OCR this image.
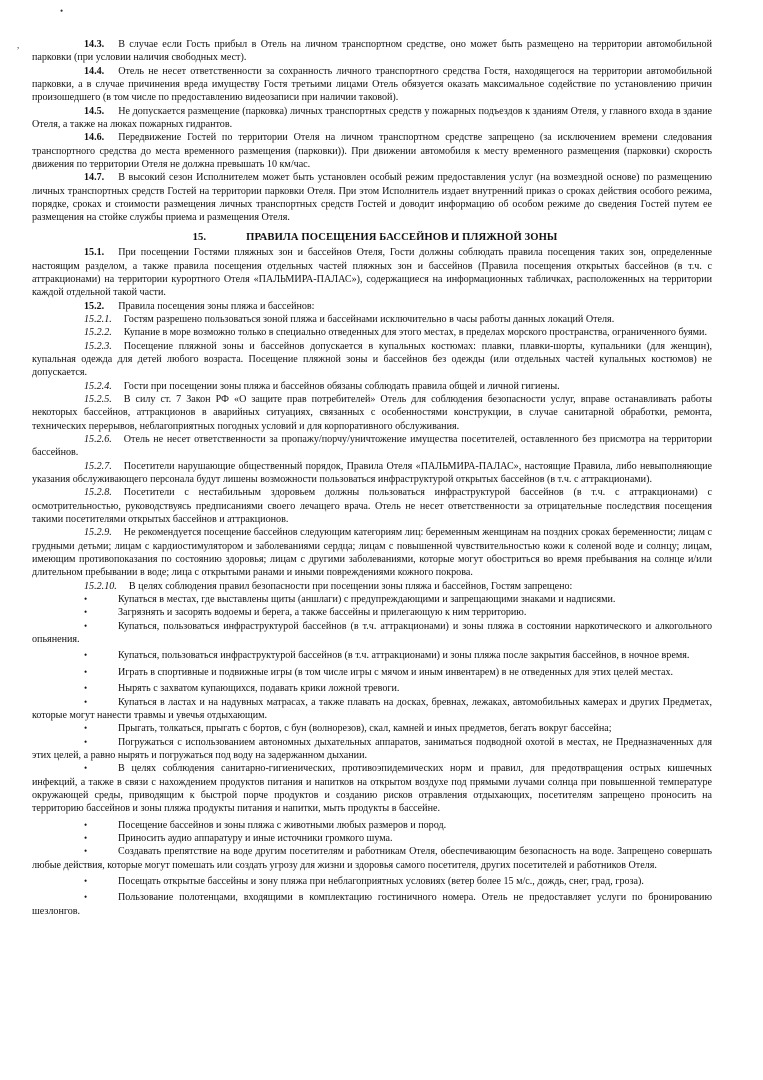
•
,	14.3. В случае если Гость прибыл в Отель на личном транспортном средстве, оно может быть размещено на территории автомобильной парковки (при условии наличия свободных мест).

14.4. Отель не несет ответственности за сохранность личного транспортного средства Гостя, находящегося на территории автомобильной парковки, а в случае причинения вреда имуществу Гостя третьими лицами Отель обязуется оказать максимальное содействие по установлению причин произошедшего (в том числе по предоставлению видеозаписи при наличии таковой).

14.5. Не допускается размещение (парковка) личных транспортных средств у пожарных подъездов к зданиям Отеля, у главного входа в здание Отеля, а также на люках пожарных гидрантов.

14.6. Передвижение Гостей по территории Отеля на личном транспортном средстве запрещено (за исключением времени следования транспортного средства до места временного размещения (парковки)). При движении автомобиля к месту временного размещения (парковки) скорость движения по территории Отеля не должна превышать 10 км/час.

14.7. В высокий сезон Исполнителем может быть установлен особый режим предоставления услуг (на возмездной основе) по размещению личных транспортных средств Гостей на территории парковки Отеля. При этом Исполнитель издает внутренний приказ о сроках действия особого режима, порядке, сроках и стоимости размещения личных транспортных средств Гостей и доводит информацию об особом режиме до сведения Гостей путем ее размещения на стойке службы приема и размещения Отеля.

15.	ПРАВИЛА ПОСЕЩЕНИЯ БАССЕЙНОВ И ПЛЯЖНОЙ ЗОНЫ

15.1. При посещении Гостями пляжных зон и бассейнов Отеля, Гости должны соблюдать правила посещения таких зон, определенные настоящим разделом, а также правила посещения отдельных частей пляжных зон и бассейнов (Правила посещения открытых бассейнов (в т.ч. с аттракционами) на территории курортного Отеля «ПАЛЬМИРА-ПАЛАС»), содержащиеся на информационных табличках, расположенных на территории каждой отдельной такой части.

15.2. Правила посещения зоны пляжа и бассейнов:

15.2.1. Гостям разрешено пользоваться зоной пляжа и бассейнами исключительно в часы работы данных локаций Отеля.

15.2.2. Купание в море возможно только в специально отведенных для этого местах, в пределах морского пространства, ограниченного буями.

15.2.3. Посещение пляжной зоны и бассейнов допускается в купальных костюмах: плавки, плавки-шорты, купальники (для женщин), купальная одежда для детей любого возраста. Посещение пляжной зоны и бассейнов без одежды (или отдельных частей купальных костюмов) не допускается.

15.2.4. Гости при посещении зоны пляжа и бассейнов обязаны соблюдать правила общей и личной гигиены.

15.2.5. В силу ст. 7 Закон РФ «О защите прав потребителей» Отель для соблюдения безопасности услуг, вправе останавливать работы некоторых бассейнов, аттракционов в аварийных ситуациях, связанных с особенностями конструкции, в случае санитарной обработки, ремонта, технических перерывов, неблагоприятных погодных условий и для корпоративного обслуживания.

15.2.6. Отель не несет ответственности за пропажу/порчу/уничтожение имущества посетителей, оставленного без присмотра на территории бассейнов.

15.2.7. Посетители нарушающие общественный порядок, Правила Отеля «ПАЛЬМИРА-ПАЛАС», настоящие Правила, либо невыполняющие указания обслуживающего персонала будут лишены возможности пользоваться инфраструктурой открытых бассейнов (в т.ч. с аттракционами).

15.2.8. Посетители с нестабильным здоровьем должны пользоваться инфраструктурой бассейнов (в т.ч. с аттракционами) с осмотрительностью, руководствуясь предписаниями своего лечащего врача. Отель не несет ответственности за отрицательные последствия посещения такими посетителями открытых бассейнов и аттракционов.

15.2.9. Не рекомендуется посещение бассейнов следующим категориям лиц: беременным женщинам на поздних сроках беременности; лицам с грудными детьми; лицам с кардиостимулятором и заболеваниями сердца; лицам с повышенной чувствительностью кожи к соленой воде и солнцу; лицам, имеющим противопоказания по состоянию здоровья; лицам с другими заболеваниями, которые могут обостриться во время пребывания на солнце и/или длительном пребывании в воде; лица с открытыми ранами и иными повреждениями кожного покрова.

15.2.10. В целях соблюдения правил безопасности при посещении зоны пляжа и бассейнов, Гостям запрещено:

•	Купаться в местах, где выставлены щиты (аншлаги) с предупреждающими и запрещающими знаками и надписями.

•	Загрязнять и засорять водоемы и берега, а также бассейны и прилегающую к ним территорию.

•	Купаться, пользоваться инфраструктурой бассейнов (в т.ч. аттракционами) и зоны пляжа в состоянии наркотического и алкогольного опьянения.

•	Купаться, пользоваться инфраструктурой бассейнов (в т.ч. аттракционами) и зоны пляжа после закрытия бассейнов, в ночное время.

•	Играть в спортивные и подвижные игры (в том числе игры с мячом и иным инвентарем) в не отведенных для этих целей местах.

•	Нырять с захватом купающихся, подавать крики ложной тревоги.

•	Купаться в ластах и на надувных матрасах, а также плавать на досках, бревнах, лежаках, автомобильных камерах и других Предметах, которые могут нанести травмы и увечья отдыхающим.

•	Прыгать, толкаться, прыгать с бортов, с бун (волнорезов), скал, камней и иных предметов, бегать вокруг бассейна;

•	Погружаться с использованием автономных дыхательных аппаратов, заниматься подводной охотой в местах, не Предназначенных для этих целей, а равно нырять и погружаться под воду на задержанном дыхании.

•	В целях соблюдения санитарно-гигиенических, противоэпидемических норм и правил, для предотвращения острых кишечных инфекций, а также в связи с нахождением продуктов питания и напитков на открытом воздухе под прямыми лучами солнца при повышенной температуре окружающей среды, приводящим к быстрой порче продуктов и созданию рисков отравления отдыхающих, посетителям запрещено проносить на территорию бассейнов и зоны пляжа продукты питания и напитки, мыть продукты в бассейне.

•	Посещение бассейнов и зоны пляжа с животными любых размеров и пород.

•	Приносить аудио аппаратуру и иные источники громкого шума.

•	Создавать препятствие на воде другим посетителям и работникам Отеля, обеспечивающим безопасность на воде. Запрещено совершать любые действия, которые могут помешать или создать угрозу для жизни и здоровья самого посетителя, других посетителей и работников Отеля.

•	Посещать открытые бассейны и зону пляжа при неблагоприятных условиях (ветер более 15 м/с., дождь, снег, град, гроза).

•	Пользование полотенцами, входящими в комплектацию гостиничного номера. Отель не предоставляет услуги по бронированию шезлонгов.
